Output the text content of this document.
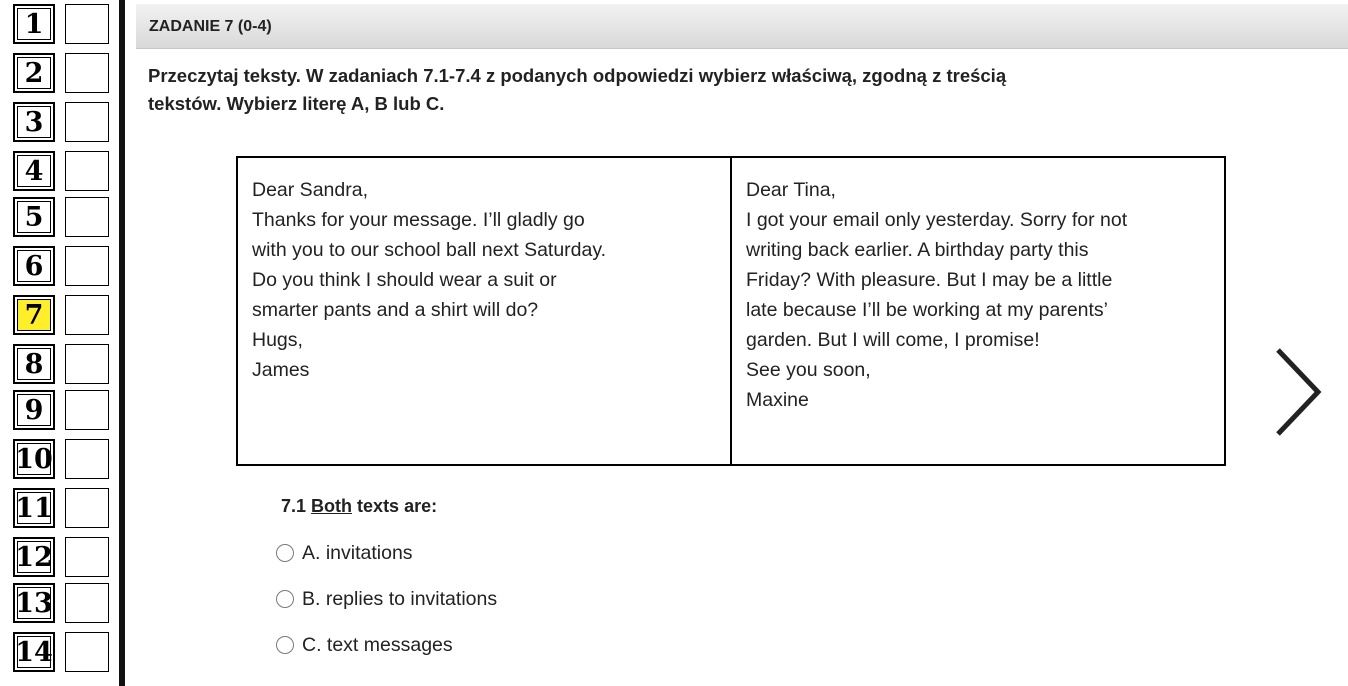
1
2
3
4
5
6
7
8
9
10
11
12
13
14
ZADANIE 7 (0-4)
Przeczytaj teksty. W zadaniach 7.1-7.4 z podanych odpowiedzi wybierz właściwą, zgodną z treścią
tekstów. Wybierz literę A, B lub C.
Dear Sandra,
Thanks for your message. I’ll gladly go
with you to our school ball next Saturday.
Do you think I should wear a suit or
smarter pants and a shirt will do?
Hugs,
James
Dear Tina,
I got your email only yesterday. Sorry for not
writing back earlier. A birthday party this
Friday? With pleasure. But I may be a little
late because I’ll be working at my parents’
garden. But I will come, I promise!
See you soon,
Maxine
7.1 Both texts are:
A. invitations
B. replies to invitations
C. text messages
